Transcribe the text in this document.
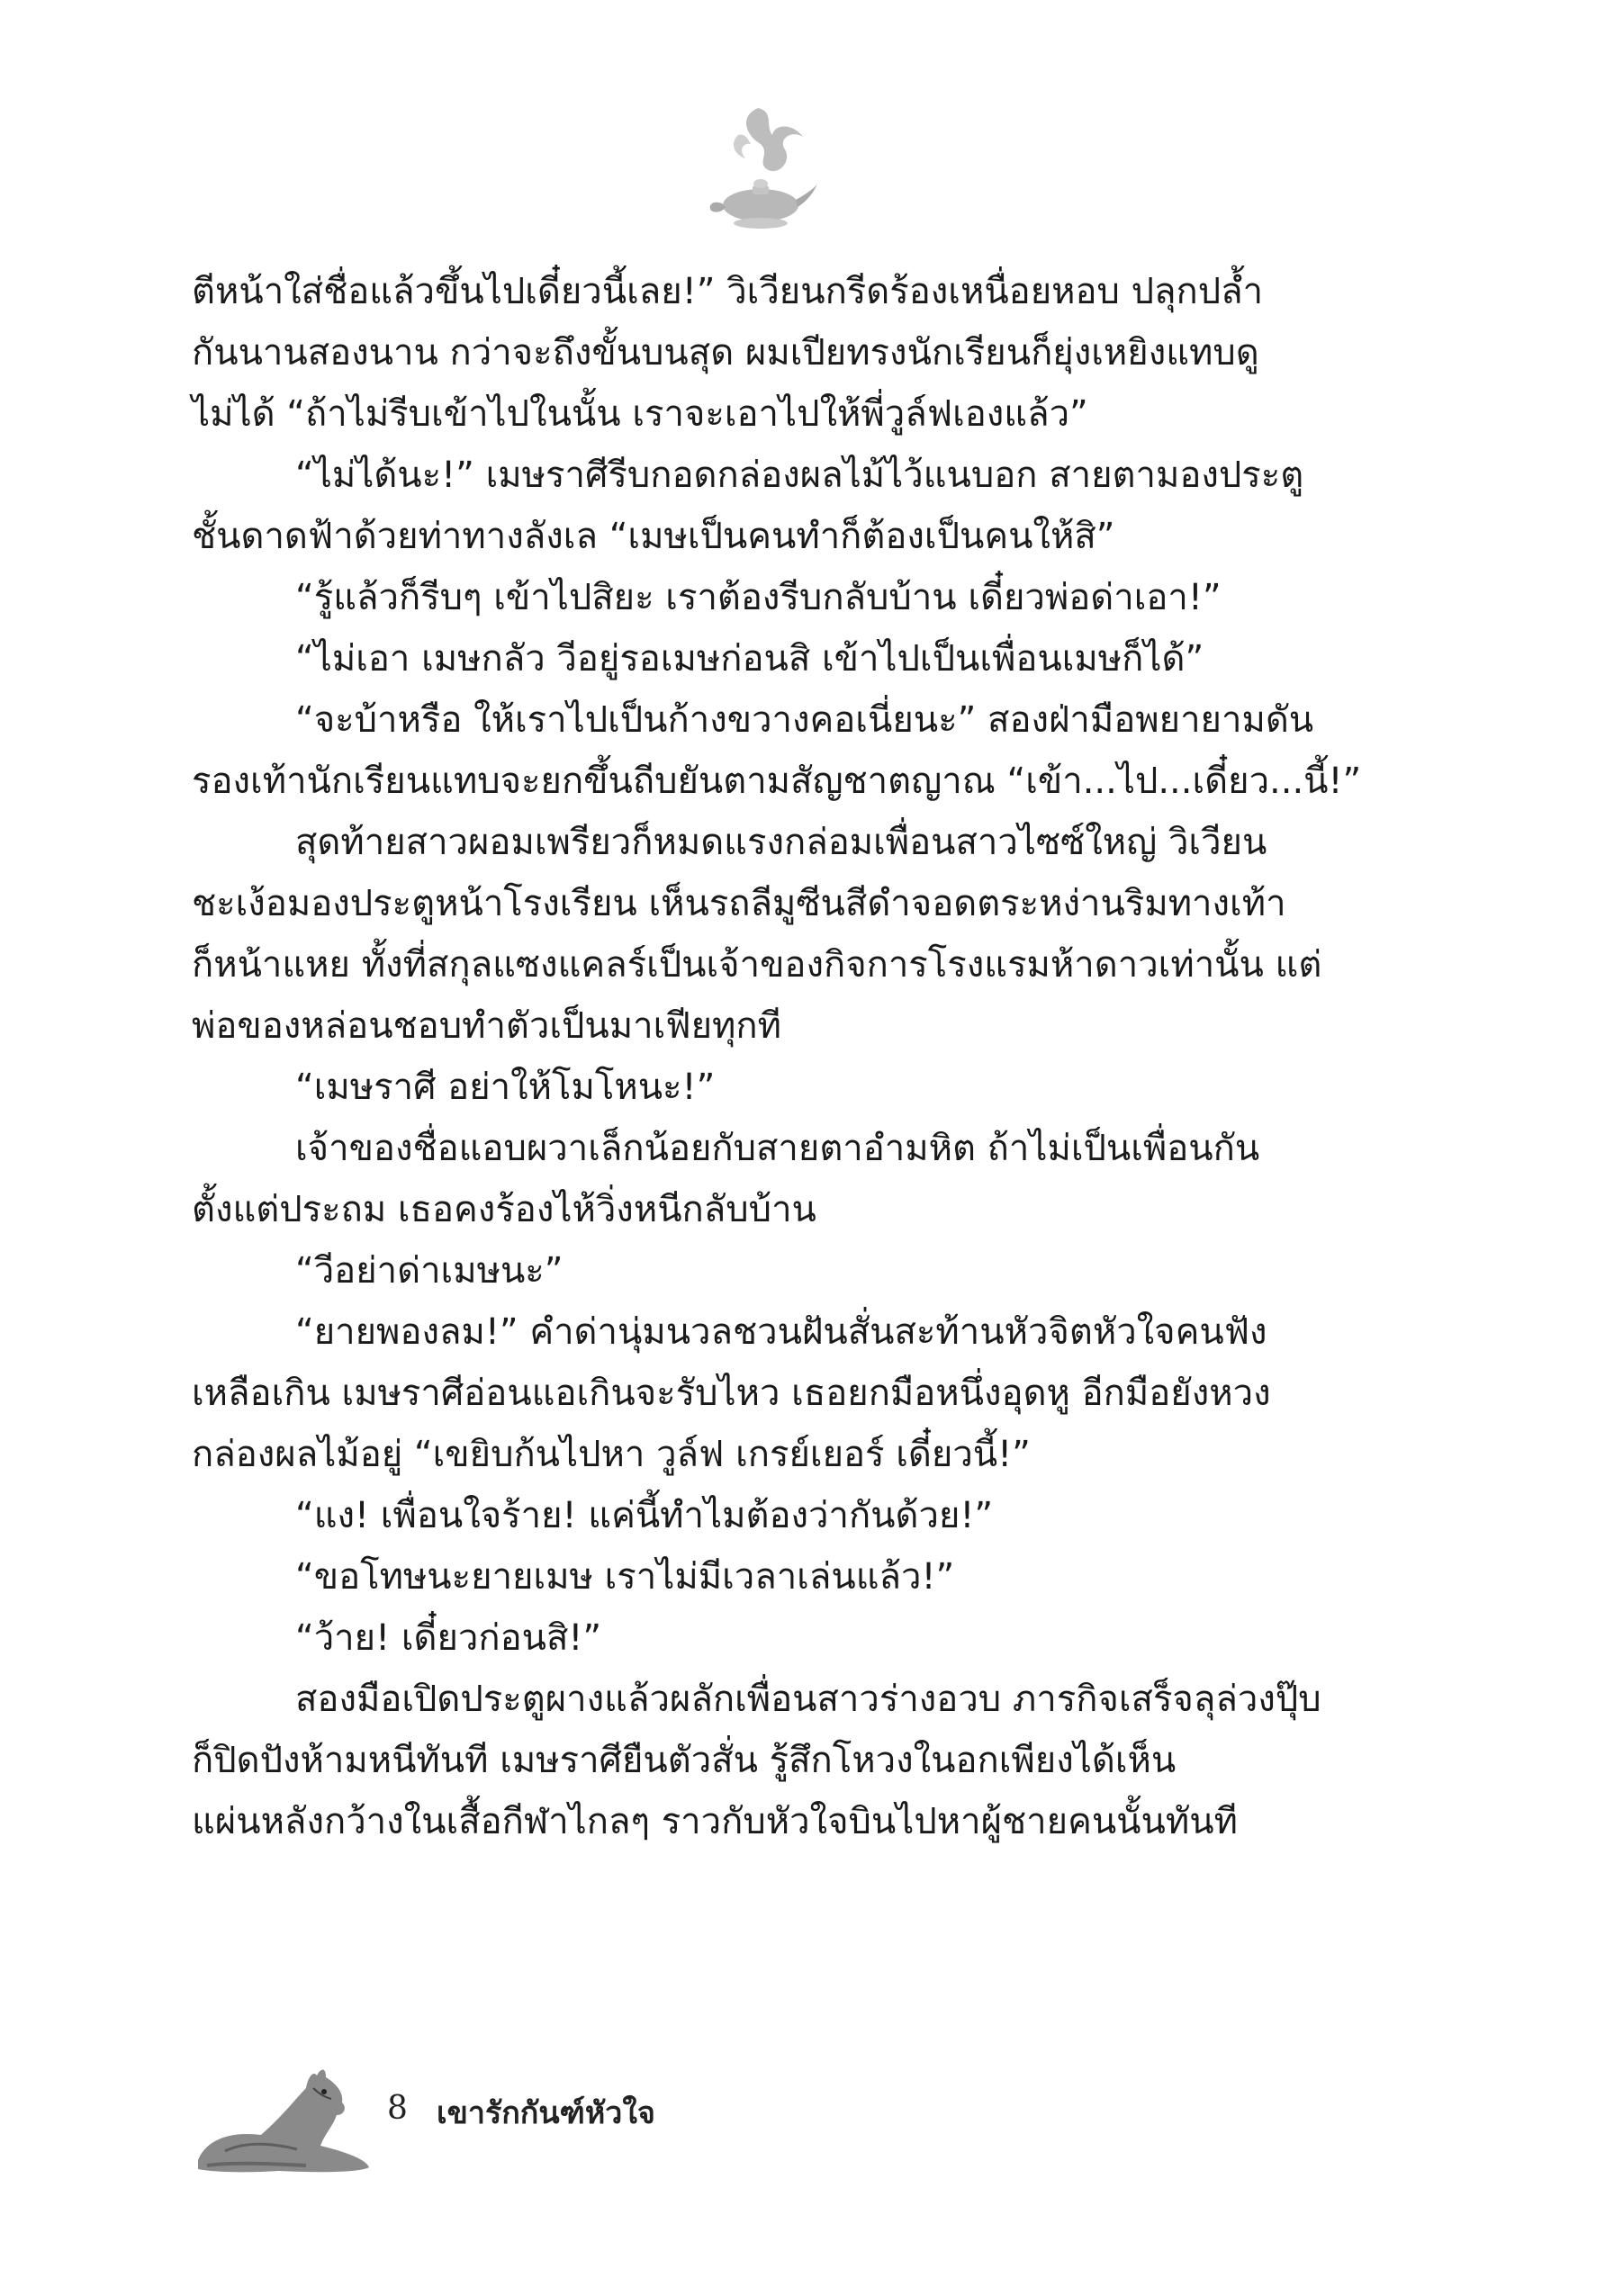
ตีหน้าใส่ชื่อแล้วขึ้นไปเดี๋ยวนี้เลย!” วิเวียนกรีดร้องเหนื่อยหอบ ปลุกปล้ำ
กันนานสองนาน กว่าจะถึงขั้นบนสุด ผมเปียทรงนักเรียนก็ยุ่งเหยิงแทบดู
ไม่ได้ “ถ้าไม่รีบเข้าไปในนั้น เราจะเอาไปให้พี่วูล์ฟเองแล้ว”
“ไม่ได้นะ!” เมษราศีรีบกอดกล่องผลไม้ไว้แนบอก สายตามองประตู
ชั้นดาดฟ้าด้วยท่าทางลังเล “เมษเป็นคนทำก็ต้องเป็นคนให้สิ”
“รู้แล้วก็รีบๆ เข้าไปสิยะ เราต้องรีบกลับบ้าน เดี๋ยวพ่อด่าเอา!”
“ไม่เอา เมษกลัว วีอยู่รอเมษก่อนสิ เข้าไปเป็นเพื่อนเมษก็ได้”
“จะบ้าหรือ ให้เราไปเป็นก้างขวางคอเนี่ยนะ” สองฝ่ามือพยายามดัน
รองเท้านักเรียนแทบจะยกขึ้นถีบยันตามสัญชาตญาณ “เข้า...ไป...เดี๋ยว...นี้!”
สุดท้ายสาวผอมเพรียวก็หมดแรงกล่อมเพื่อนสาวไซซ์ใหญ่ วิเวียน
ชะเง้อมองประตูหน้าโรงเรียน เห็นรถลีมูซีนสีดำจอดตระหง่านริมทางเท้า
ก็หน้าแหย ทั้งที่สกุลแซงแคลร์เป็นเจ้าของกิจการโรงแรมห้าดาวเท่านั้น แต่
พ่อของหล่อนชอบทำตัวเป็นมาเฟียทุกที
“เมษราศี อย่าให้โมโหนะ!”
เจ้าของชื่อแอบผวาเล็กน้อยกับสายตาอำมหิต ถ้าไม่เป็นเพื่อนกัน
ตั้งแต่ประถม เธอคงร้องไห้วิ่งหนีกลับบ้าน
“วีอย่าด่าเมษนะ”
“ยายพองลม!” คำด่านุ่มนวลชวนฝันสั่นสะท้านหัวจิตหัวใจคนฟัง
เหลือเกิน เมษราศีอ่อนแอเกินจะรับไหว เธอยกมือหนึ่งอุดหู อีกมือยังหวง
กล่องผลไม้อยู่ “เขยิบก้นไปหา วูล์ฟ เกรย์เยอร์ เดี๋ยวนี้!”
“แง! เพื่อนใจร้าย! แค่นี้ทำไมต้องว่ากันด้วย!”
“ขอโทษนะยายเมษ เราไม่มีเวลาเล่นแล้ว!”
“ว้าย! เดี๋ยวก่อนสิ!”
สองมือเปิดประตูผางแล้วผลักเพื่อนสาวร่างอวบ ภารกิจเสร็จลุล่วงปุ๊บ
ก็ปิดปังห้ามหนีทันที เมษราศียืนตัวสั่น รู้สึกโหวงในอกเพียงได้เห็น
แผ่นหลังกว้างในเสื้อกีฬาไกลๆ ราวกับหัวใจบินไปหาผู้ชายคนนั้นทันที
8 เขารักกันฑ์หัวใจ
